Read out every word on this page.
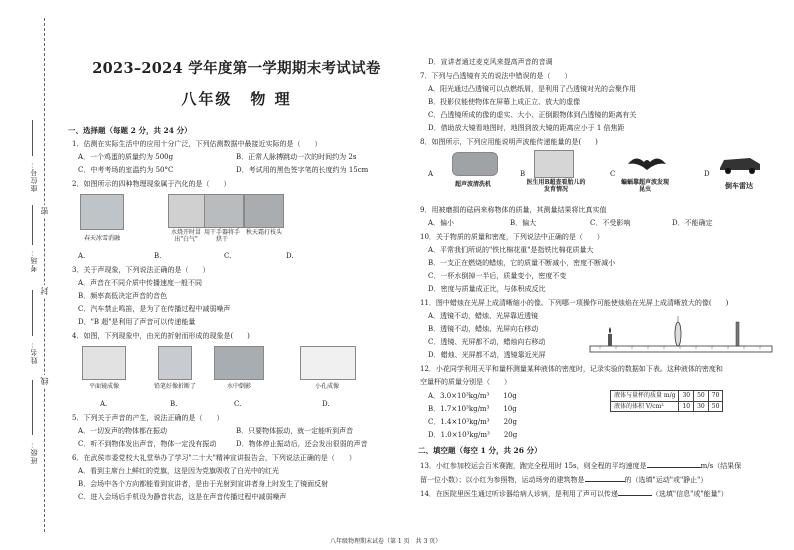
座位号：
考场：
姓名：
班级：
密
封
线
2023–2024 学年度第一学期期末考试试卷
八年级 物 理
一、选择题（每题 2 分，共 24 分）
1．估测在实际生活中的应用十分广泛，下列估测数据中最接近实际的是（　　）
A．一个鸡蛋的质量约为 500g	B．正常人脉搏跳动一次的时间约为 2s
C．中考考场的室温约为 50°C	D．考试用的黑色签字笔的长度约为 15cm
2．如图所示的四种物理现象属于汽化的是（　　）
春天冰雪消融
水烧开时冒出"白气"
用干手器将手烘干
秋天霜打枝头
A.	B.	C.	D.
3．关于声现象，下列说法正确的是（　　）
A．声音在不同介质中传播速度一般不同
B．频率高低决定声音的音色
C．汽车禁止鸣笛，是为了在传播过程中减弱噪声
D．"B 超"是利用了声音可以传递能量
4．如图，下列现象中，由光的折射而形成的现象是(　　)
平面镜成像	铅笔好像折断了	水中倒影	小孔成像
A.	B.	C.	D.
5．下列关于声音的产生，说法正确的是（　　）
A．一切发声的物体都在振动	B．只要物体振动，就一定能听到声音
C．听不到物体发出声音，物体一定没有振动	D．物体停止振动后，还会发出很弱的声音
6．在武侯市委党校大礼堂举办了学习"二十大"精神宣讲报告会，下列说法正确的是（　　）
A．看到主席台上鲜红的党旗，这是因为党旗吸收了白光中的红光
B．会场中各个方向都能看到宣讲者，是由于光射到宣讲者身上时发生了镜面反射
C．进入会场后手机设为静音状态，这是在声音传播过程中减弱噪声
D．宣讲者通过麦克风来提高声音的音调
7．下列与凸透镜有关的说法中错误的是（　　）
A．阳光通过凸透镜可以点燃纸屑，是利用了凸透镜对光的会聚作用
B．投影仪能使物体在屏幕上成正立、放大的虚像
C．凸透镜所成的像的虚实、大小、正倒跟物体到凸透镜的距离有关
D．借助放大镜看地图时，地图到放大镜的距离应小于 1 倍焦距
8．如图所示，下列应用能说明声波能传递能量的是(　　)
A	B	C	D
超声波清洗机	医生用B超查看胎儿的发育情况
蝙蝠靠超声波发现昆虫	倒车雷达
9．用被磨损的砝码来称物体的质量，其测量结果将比真实值
A．偏小	B．偏大	C．不受影响	D．不能确定
10．关于物质的质量和密度，下列说法中正确的是（　　）
A．平常我们所说的"铁比棉花重"是指铁比棉花质量大
B．一支正在燃烧的蜡烛，它的质量不断减小，密度不断减小
C．一杯水倒掉一半后，质量变小，密度不变
D．密度与质量成正比，与体积成反比
11．图中蜡烛在光屏上成清晰缩小的像。下列哪一项操作可能使烛焰在光屏上成清晰放大的像(　　)
A．透镜不动，蜡烛、光屏靠近透镜
B．透镜不动，蜡烛、光屏向右移动
C．透镜、光屏都不动，蜡烛向右移动
D．蜡烛、光屏都不动，透镜靠近光屏
12．小花同学利用天平和量杯测量某种液体的密度时，记录实验的数据如下表。这种液体的密度和
空量杯的质量分别是（　　）
A．3.0×10³kg/m³　　10g
B．1.7×10³kg/m³　　10g
C．1.4×10³kg/m³　　20g
D．1.0×10³kg/m³　　20g
液体与量杯的质量 m/g	30	50	70
液体的体积 V/cm³	10	30	50
二、填空题（每空 1 分，共 26 分）
13．小红参加校运会百米赛跑，跑完全程用时 15s，则全程的平均速度是	m/s（结果保
留一位小数）；以小红为参照物，运动场旁的建筑物是	的（选填"运动"或"静止"）
14．在医院里医生通过听诊器给病人诊病，是利用了声可以传递	（选填"信息"或"能量"）
八年级物理期末试卷（第 1 页　共 3 页）
